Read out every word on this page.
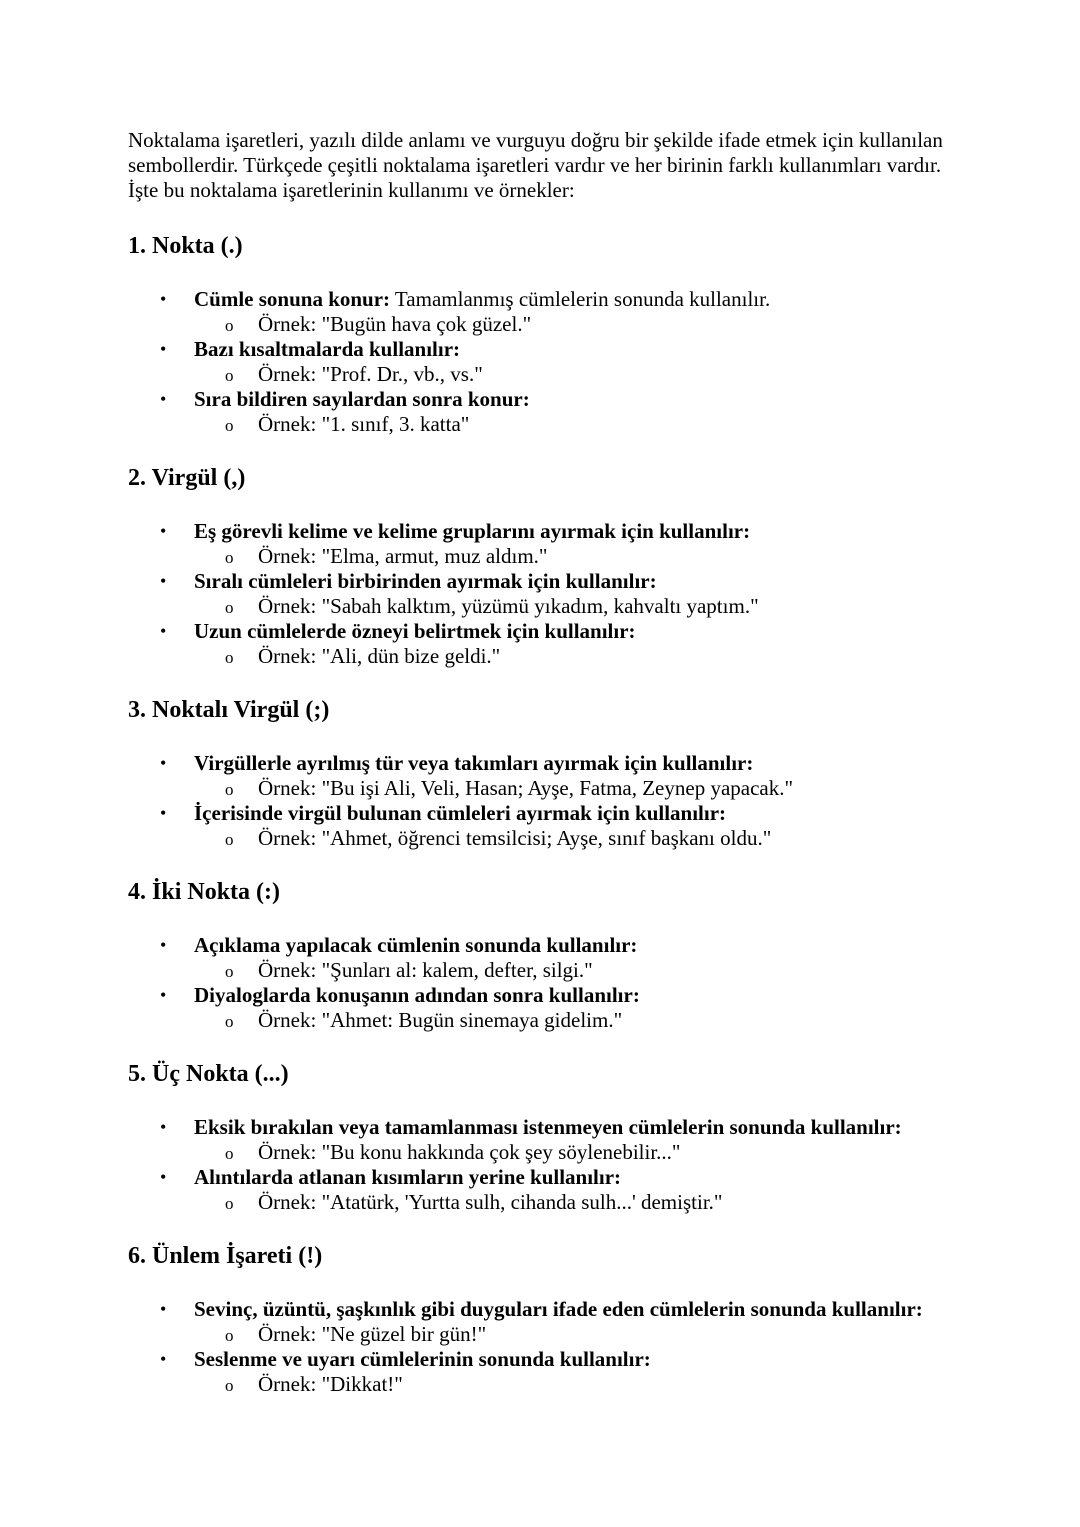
Noktalama işaretleri, yazılı dilde anlamı ve vurguyu doğru bir şekilde ifade etmek için kullanılan sembollerdir. Türkçede çeşitli noktalama işaretleri vardır ve her birinin farklı kullanımları vardır. İşte bu noktalama işaretlerinin kullanımı ve örnekler:

1. Nokta (.)
• Cümle sonuna konur: Tamamlanmış cümlelerin sonunda kullanılır.
o Örnek: "Bugün hava çok güzel."
• Bazı kısaltmalarda kullanılır:
o Örnek: "Prof. Dr., vb., vs."
• Sıra bildiren sayılardan sonra konur:
o Örnek: "1. sınıf, 3. katta"
2. Virgül (,)
• Eş görevli kelime ve kelime gruplarını ayırmak için kullanılır:
o Örnek: "Elma, armut, muz aldım."
• Sıralı cümleleri birbirinden ayırmak için kullanılır:
o Örnek: "Sabah kalktım, yüzümü yıkadım, kahvaltı yaptım."
• Uzun cümlelerde özneyi belirtmek için kullanılır:
o Örnek: "Ali, dün bize geldi."
3. Noktalı Virgül (;)
• Virgüllerle ayrılmış tür veya takımları ayırmak için kullanılır:
o Örnek: "Bu işi Ali, Veli, Hasan; Ayşe, Fatma, Zeynep yapacak."
• İçerisinde virgül bulunan cümleleri ayırmak için kullanılır:
o Örnek: "Ahmet, öğrenci temsilcisi; Ayşe, sınıf başkanı oldu."
4. İki Nokta (:)
• Açıklama yapılacak cümlenin sonunda kullanılır:
o Örnek: "Şunları al: kalem, defter, silgi."
• Diyaloglarda konuşanın adından sonra kullanılır:
o Örnek: "Ahmet: Bugün sinemaya gidelim."
5. Üç Nokta (...)
• Eksik bırakılan veya tamamlanması istenmeyen cümlelerin sonunda kullanılır:
o Örnek: "Bu konu hakkında çok şey söylenebilir..."
• Alıntılarda atlanan kısımların yerine kullanılır:
o Örnek: "Atatürk, 'Yurtta sulh, cihanda sulh...' demiştir."
6. Ünlem İşareti (!)
• Sevinç, üzüntü, şaşkınlık gibi duyguları ifade eden cümlelerin sonunda kullanılır:
o Örnek: "Ne güzel bir gün!"
• Seslenme ve uyarı cümlelerinin sonunda kullanılır:
o Örnek: "Dikkat!"
